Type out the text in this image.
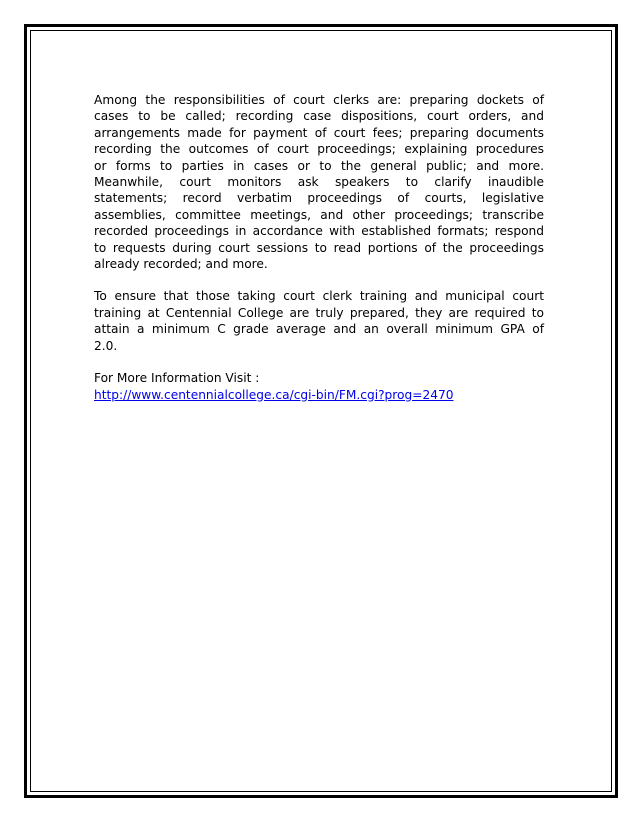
Among the responsibilities of court clerks are: preparing dockets of
cases to be called; recording case dispositions, court orders, and
arrangements made for payment of court fees; preparing documents
recording the outcomes of court proceedings; explaining procedures
or forms to parties in cases or to the general public; and more.
Meanwhile, court monitors ask speakers to clarify inaudible
statements; record verbatim proceedings of courts, legislative
assemblies, committee meetings, and other proceedings; transcribe
recorded proceedings in accordance with established formats; respond
to requests during court sessions to read portions of the proceedings
already recorded; and more.
To ensure that those taking court clerk training and municipal court
training at Centennial College are truly prepared, they are required to
attain a minimum C grade average and an overall minimum GPA of
2.0.
For More Information Visit :
http://www.centennialcollege.ca/cgi-bin/FM.cgi?prog=2470
